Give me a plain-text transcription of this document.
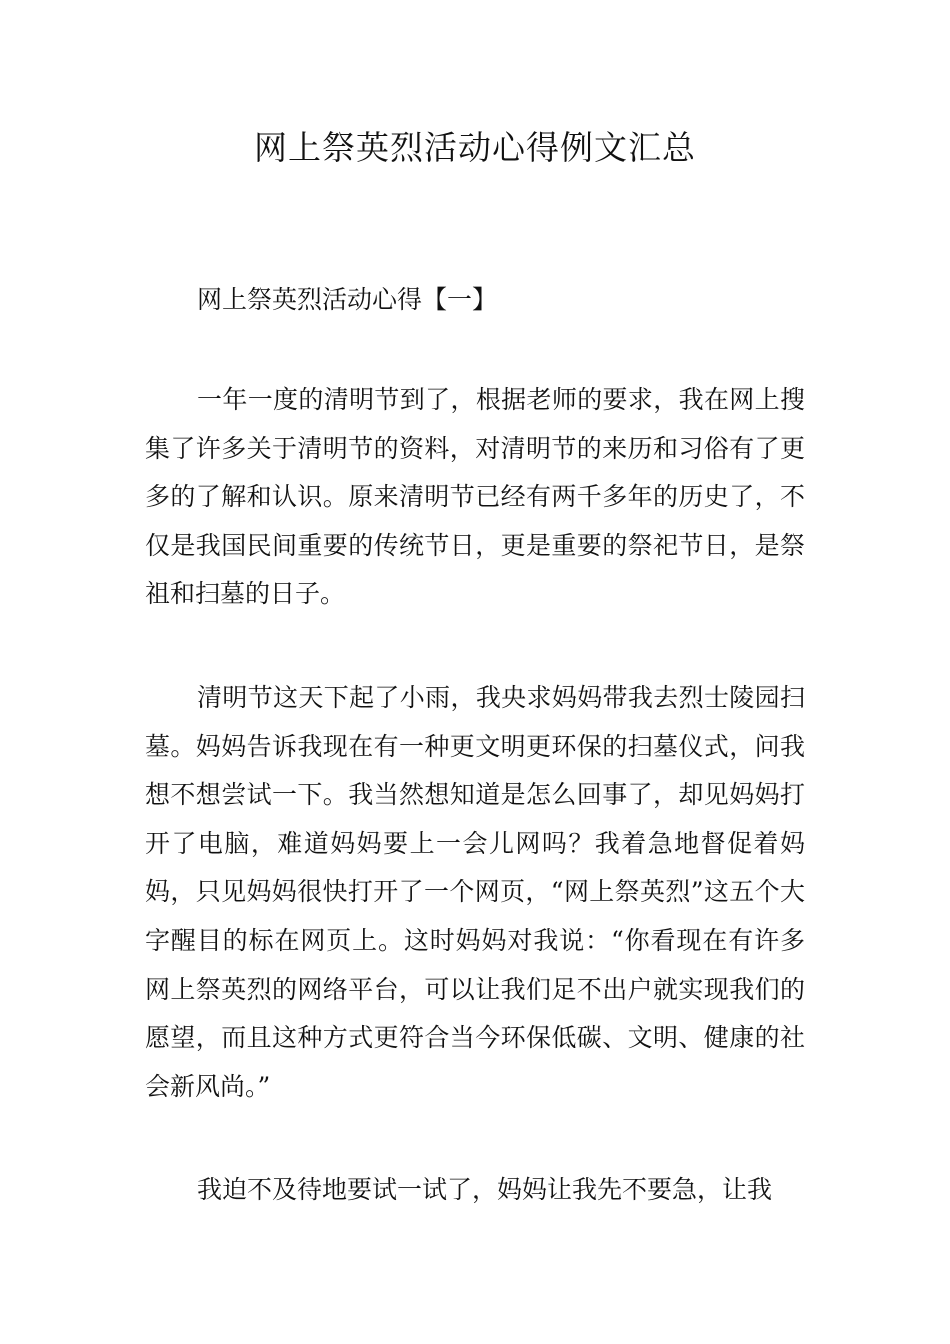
网上祭英烈活动心得例文汇总
网上祭英烈活动心得【一】

一年一度的清明节到了，根据老师的要求，我在网上搜集了许多关于清明节的资料，对清明节的来历和习俗有了更多的了解和认识。原来清明节已经有两千多年的历史了，不仅是我国民间重要的传统节日，更是重要的祭祀节日，是祭祖和扫墓的日子。

清明节这天下起了小雨，我央求妈妈带我去烈士陵园扫墓。妈妈告诉我现在有一种更文明更环保的扫墓仪式，问我想不想尝试一下。我当然想知道是怎么回事了，却见妈妈打开了电脑，难道妈妈要上一会儿网吗？我着急地督促着妈妈，只见妈妈很快打开了一个网页，“网上祭英烈”这五个大字醒目的标在网页上。这时妈妈对我说：“你看现在有许多网上祭英烈的网络平台，可以让我们足不出户就实现我们的愿望，而且这种方式更符合当今环保低碳、文明、健康的社会新风尚。”

我迫不及待地要试一试了，妈妈让我先不要急，让我
